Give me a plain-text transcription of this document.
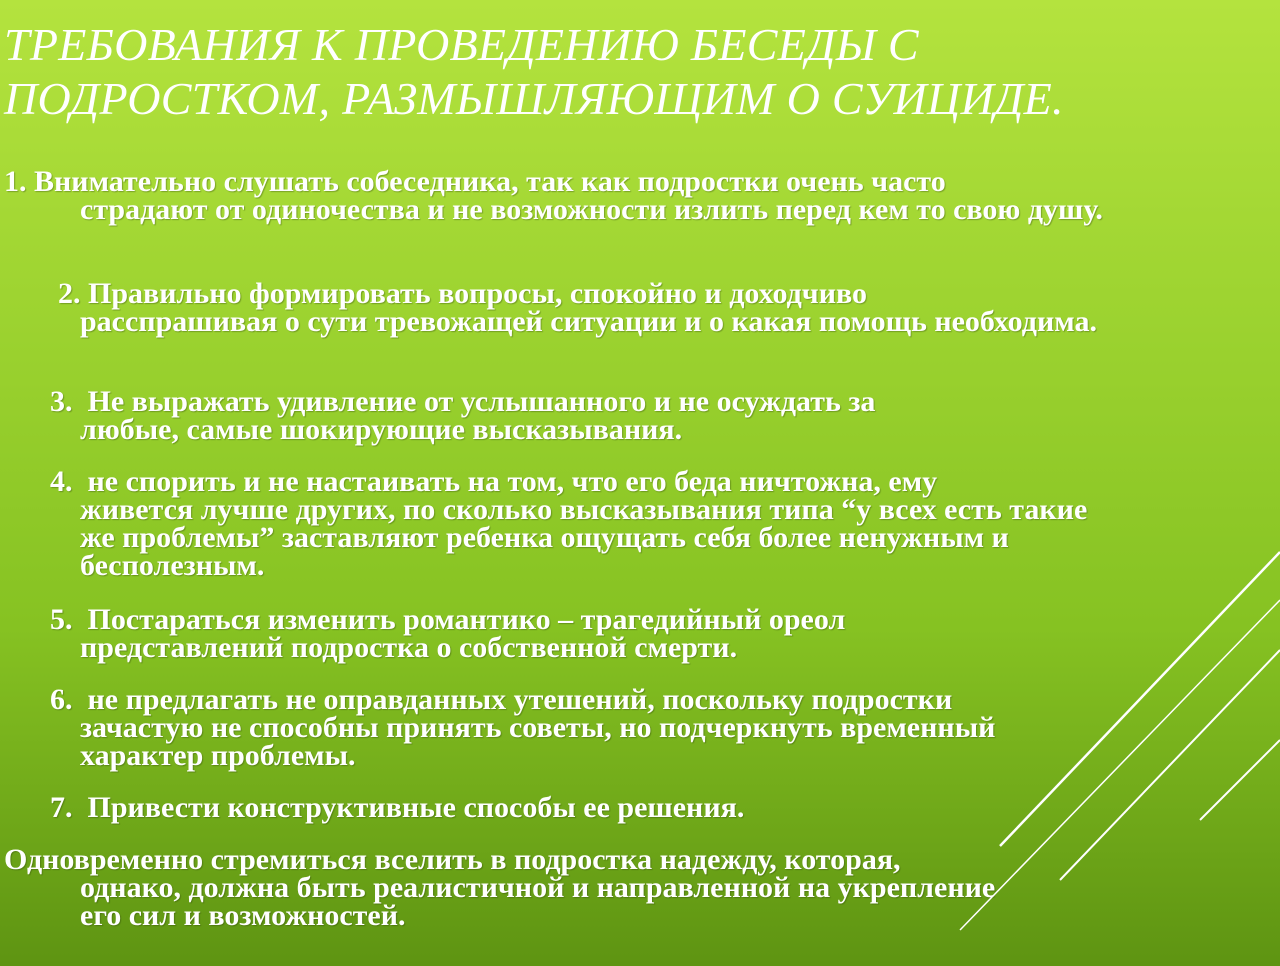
ТРЕБОВАНИЯ К ПРОВЕДЕНИЮ БЕСЕДЫ С ПОДРОСТКОМ, РАЗМЫШЛЯЮЩИМ О СУИЦИДЕ.
1. Внимательно слушать собеседника, так как подростки очень часто
страдают от одиночества и не возможности излить перед кем то свою душу.
2. Правильно формировать вопросы, спокойно и доходчиво
расспрашивая о сути тревожащей ситуации и о какая помощь необходима.
3. Не выражать удивление от услышанного и не осуждать за
любые, самые шокирующие высказывания.
4. не спорить и не настаивать на том, что его беда ничтожна, ему
живется лучше других, по сколько высказывания типа “у всех есть такие же проблемы” заставляют ребенка ощущать себя более ненужным и бесполезным.
5. Постараться изменить романтико – трагедийный ореол
представлений подростка о собственной смерти.
6. не предлагать не оправданных утешений, поскольку подростки
зачастую не способны принять советы, но подчеркнуть временный характер проблемы.
7. Привести конструктивные способы ее решения.
Одновременно стремиться вселить в подростка надежду, которая,
однако, должна быть реалистичной и направленной на укрепление его сил и возможностей.
